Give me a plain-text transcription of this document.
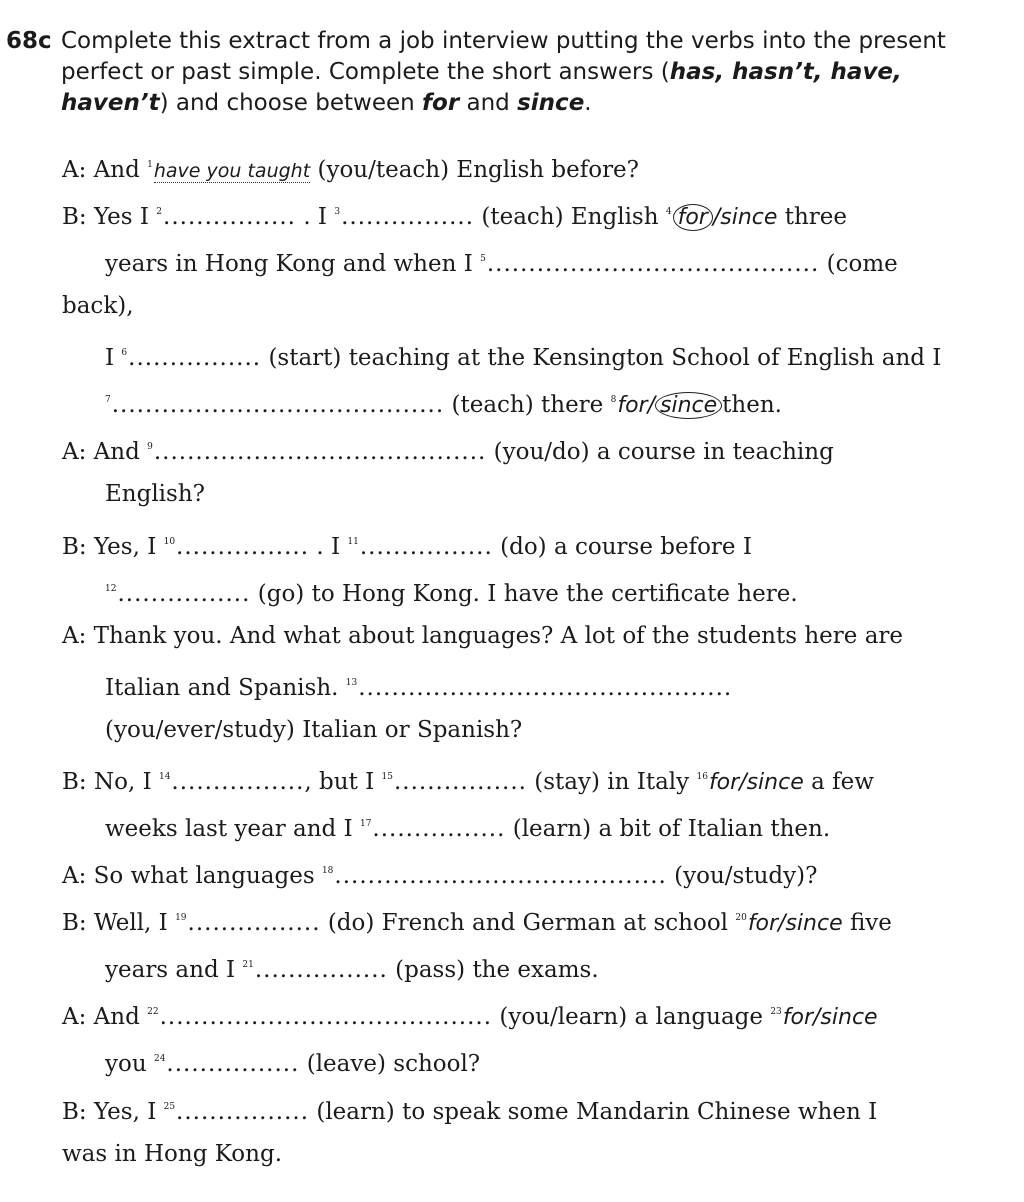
68c Complete this extract from a job interview putting the verbs into the present perfect or past simple. Complete the short answers (has, hasn’t, have, haven’t) and choose between for and since.
A: And $^1$have you taught (you/teach) English before?
B: Yes I $^2$ .....	. I $^3$ .....	(teach) English $^4$ for /since three
years in Hong Kong and when I $^5$ .....	(come
back),
I $^6$ .....	(start) teaching at the Kensington School of English and I
$^7$ .....	(teach) there $^8$for/ since then.
A: And $^9$ .....	(you/do) a course in teaching
English?
B: Yes, I $^{10}$ .....	. I $^{11}$ .....	(do) a course before I
$^{12}$ .....	(go) to Hong Kong. I have the certificate here.
A: Thank you. And what about languages? A lot of the students here are
Italian and Spanish. $^{13}$ .....
(you/ever/study) Italian or Spanish?
B: No, I $^{14}$ .....	, but I $^{15}$ .....	(stay) in Italy $^{16}$for/since a few
weeks last year and I $^{17}$ .....	(learn) a bit of Italian then.
A: So what languages $^{18}$ .....	(you/study)?
B: Well, I $^{19}$ .....	(do) French and German at school $^{20}$for/since five
years and I $^{21}$ .....	(pass) the exams.
A: And $^{22}$ .....	(you/learn) a language $^{23}$for/since
you $^{24}$ .....	(leave) school?
B: Yes, I $^{25}$ .....	(learn) to speak some Mandarin Chinese when I
was in Hong Kong.
